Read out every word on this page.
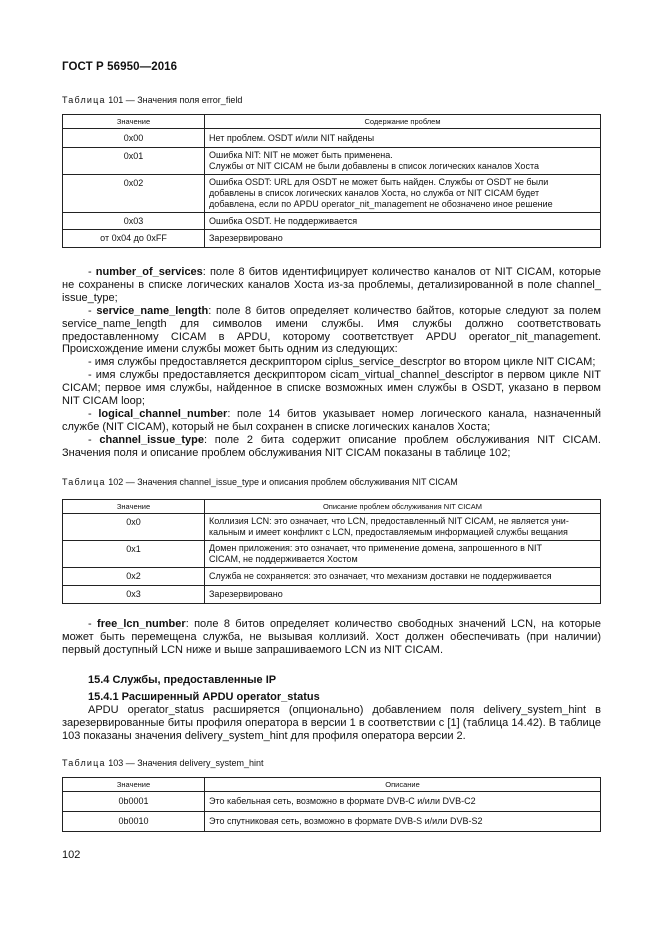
ГОСТ Р 56950—2016
Таблица 101 — Значения поля error_field
Значение	Содержание проблем
0x00	Нет проблем. OSDT и/или NIT найдены

0x01	Ошибка NIT: NIT не может быть применена.
Службы от NIT CICAM не были добавлены в список логических каналов Хоста

0x02	Ошибка OSDT: URL для OSDT не может быть найден. Службы от OSDT не были
добавлены в список логических каналов Хоста, но служба от NIT CICAM будет
добавлена, если по APDU operator_nit_management не обозначено иное решение

0x03	Ошибка OSDT. Не поддерживается

от 0x04 до 0xFF	Зарезервировано

- number_of_services: поле 8 битов идентифицирует количество каналов от NIT CICAM, которые не сохранены в списке логических каналов Хоста из-за проблемы, детализированной в поле channel_ issue_type;

- service_name_length: поле 8 битов определяет количество байтов, которые следуют за полем service_name_length для символов имени службы. Имя службы должно соответствовать предоставленному CICAM в APDU, которому соответствует APDU operator_nit_management. Происхождение имени службы может быть одним из следующих:

- имя службы предоставляется дескриптором ciplus_service_descrptor во втором цикле NIT CICAM;

- имя службы предоставляется дескриптором cicam_virtual_channel_descriptor в первом цикле NIT CICAM; первое имя службы, найденное в списке возможных имен службы в OSDT, указано в первом NIT CICAM loop;

- logical_channel_number: поле 14 битов указывает номер логического канала, назначенный службе (NIT CICAM), который не был сохранен в списке логических каналов Хоста;

- channel_issue_type: поле 2 бита содержит описание проблем обслуживания NIT CICAM. Значения поля и описание проблем обслуживания NIT CICAM показаны в таблице 102;

Таблица 102 — Значения channel_issue_type и описания проблем обслуживания NIT CICAM
Значение	Описание проблем обслуживания NIT CICAM
0x0	Коллизия LCN: это означает, что LCN, предоставленный NIT CICAM, не является уни-
кальным и имеет конфликт с LCN, предоставляемым информацией службы вещания

0x1	Домен приложения: это означает, что применение домена, запрошенного в NIT
CICAM, не поддерживается Хостом

0x2	Служба не сохраняется: это означает, что механизм доставки не поддерживается

0x3	Зарезервировано

- free_lcn_number: поле 8 битов определяет количество свободных значений LCN, на которые может быть перемещена служба, не вызывая коллизий. Хост должен обеспечивать (при наличии) первый доступный LCN ниже и выше запрашиваемого LCN из NIT CICAM.

15.4 Службы, предоставленные IP
15.4.1 Расширенный APDU operator_status

APDU operator_status расширяется (опционально) добавлением поля delivery_system_hint в зарезервированные биты профиля оператора в версии 1 в соответствии с [1] (таблица 14.42). В таблице 103 показаны значения delivery_system_hint для профиля оператора версии 2.

Таблица 103 — Значения delivery_system_hint
Значение	Описание
0b0001	Это кабельная сеть, возможно в формате DVB-C и/или DVB-C2

0b0010	Это спутниковая сеть, возможно в формате DVB-S и/или DVB-S2
102
